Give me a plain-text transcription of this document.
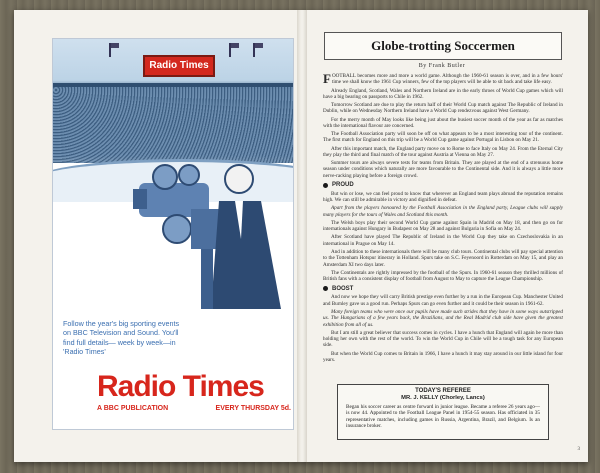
Radio Times
Follow the year's big sporting events on BBC Television and Sound. You'll find full details— week by week—in 'Radio Times'
Radio Times
A BBC PUBLICATION	EVERY THURSDAY 5d.
Globe-trotting Soccermen
By Frank Butler

FOOTBALL becomes more and more a world game. Although the 1960-61 season is over, and in a few hours' time we shall know the 1961 Cup winners, few of the top players will be able to sit back and take life easy.

Already England, Scotland, Wales and Northern Ireland are in the early throes of World Cup games which will have a big bearing on passports to Chile in 1962.

Tomorrow Scotland are due to play the return half of their World Cup match against The Republic of Ireland in Dublin, while on Wednesday Northern Ireland have a World Cup rendezvous against West Germany.

For the merry month of May looks like being just about the busiest soccer month of the year as far as matches with the international flavour are concerned.

The Football Association party will soon be off on what appears to be a most interesting tour of the continent. The first match for England on this trip will be a World Cup game against Portugal in Lisbon on May 21.

After this important match, the England party move on to Rome to face Italy on May 24. From the Eternal City they play the third and final match of the tour against Austria at Vienna on May 27.

Summer tours are always severe tests for teams from Britain. They are played at the end of a strenuous home season under conditions which naturally are more favourable to the Continental side. And it is always a little more nerve-racking playing before a foreign crowd.

PROUD

But win or lose, we can feel proud to know that wherever an England team plays abroad the reputation remains high. We can still be admirable in victory and dignified in defeat.

Apart from the players honoured by the Football Association in the England party, League clubs will supply many players for the tours of Wales and Scotland this month.

The Welsh boys play their second World Cup game against Spain in Madrid on May 18, and then go on for internationals against Hungary in Budapest on May 28 and against Bulgaria in Sofia on May 24.

After Scotland have played The Republic of Ireland in the World Cup they take on Czechoslovakia in an international in Prague on May 14.

And in addition to these internationals there will be many club tours. Continental clubs will pay special attention to the Tottenham Hotspur itinerary in Holland. Spurs take on S.C. Feyenoord in Rotterdam on May 15, and play an Amsterdam XI two days later.

The Continentals are rightly impressed by the football of the Spurs. In 1960-61 season they thrilled millions of British fans with a consistent display of football from August to May to capture the League Championship.

BOOST

And now we hope they will carry British prestige even further by a run in the European Cup. Manchester United and Burnley gave us a good run. Perhaps Spurs can go even further and it could be their season in 1961-62.

Many foreign teams who were once our pupils have made such strides that they have in some ways outstripped us. The Hungarians of a few years back, the Brazilians, and the Real Madrid club side have given the greatest exhibition from all of us.

But I am still a great believer that success comes in cycles. I have a hunch that England will again be more than holding her own with the rest of the world. To win the World Cup in Chile will be a tough task for any European side.

But when the World Cup comes to Britain in 1966, I have a hunch it may stay around in our little island for four years.

TODAY'S REFEREE
MR. J. KELLY (Chorley, Lancs)
Began his soccer career as centre forward in junior league. Became a referee 26 years ago—is now 44. Appointed to the Football League Panel in 1954-55 season. Has officiated in 35 representative matches, including games in Russia, Argentina, Brazil, and Belgium. Is an insurance broker.
3
